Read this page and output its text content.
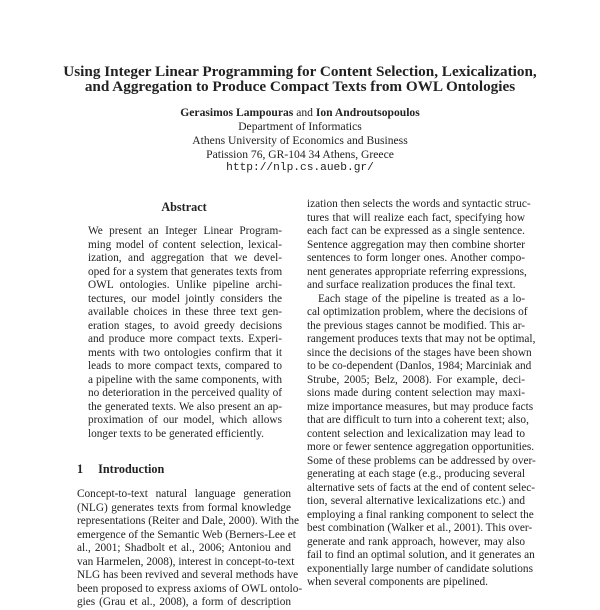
Using Integer Linear Programming for Content Selection, Lexicalization,
and Aggregation to Produce Compact Texts from OWL Ontologies
Gerasimos Lampouras and Ion Androutsopoulos
Department of Informatics
Athens University of Economics and Business
Patission 76, GR-104 34 Athens, Greece
http://nlp.cs.aueb.gr/
Abstract
We present an Integer Linear Program-
ming model of content selection, lexical-
ization, and aggregation that we devel-
oped for a system that generates texts from
OWL ontologies. Unlike pipeline archi-
tectures, our model jointly considers the
available choices in these three text gen-
eration stages, to avoid greedy decisions
and produce more compact texts. Experi-
ments with two ontologies confirm that it
leads to more compact texts, compared to
a pipeline with the same components, with
no deterioration in the perceived quality of
the generated texts. We also present an ap-
proximation of our model, which allows
longer texts to be generated efficiently.
1 Introduction
Concept-to-text natural language generation
(NLG) generates texts from formal knowledge
representations (Reiter and Dale, 2000). With the
emergence of the Semantic Web (Berners-Lee et
al., 2001; Shadbolt et al., 2006; Antoniou and
van Harmelen, 2008), interest in concept-to-text
NLG has been revived and several methods have
been proposed to express axioms of OWL ontolo-
gies (Grau et al., 2008), a form of description
ization then selects the words and syntactic struc-
tures that will realize each fact, specifying how
each fact can be expressed as a single sentence.
Sentence aggregation may then combine shorter
sentences to form longer ones. Another compo-
nent generates appropriate referring expressions,
and surface realization produces the final text.
Each stage of the pipeline is treated as a lo-
cal optimization problem, where the decisions of
the previous stages cannot be modified. This ar-
rangement produces texts that may not be optimal,
since the decisions of the stages have been shown
to be co-dependent (Danlos, 1984; Marciniak and
Strube, 2005; Belz, 2008). For example, deci-
sions made during content selection may maxi-
mize importance measures, but may produce facts
that are difficult to turn into a coherent text; also,
content selection and lexicalization may lead to
more or fewer sentence aggregation opportunities.
Some of these problems can be addressed by over-
generating at each stage (e.g., producing several
alternative sets of facts at the end of content selec-
tion, several alternative lexicalizations etc.) and
employing a final ranking component to select the
best combination (Walker et al., 2001). This over-
generate and rank approach, however, may also
fail to find an optimal solution, and it generates an
exponentially large number of candidate solutions
when several components are pipelined.
